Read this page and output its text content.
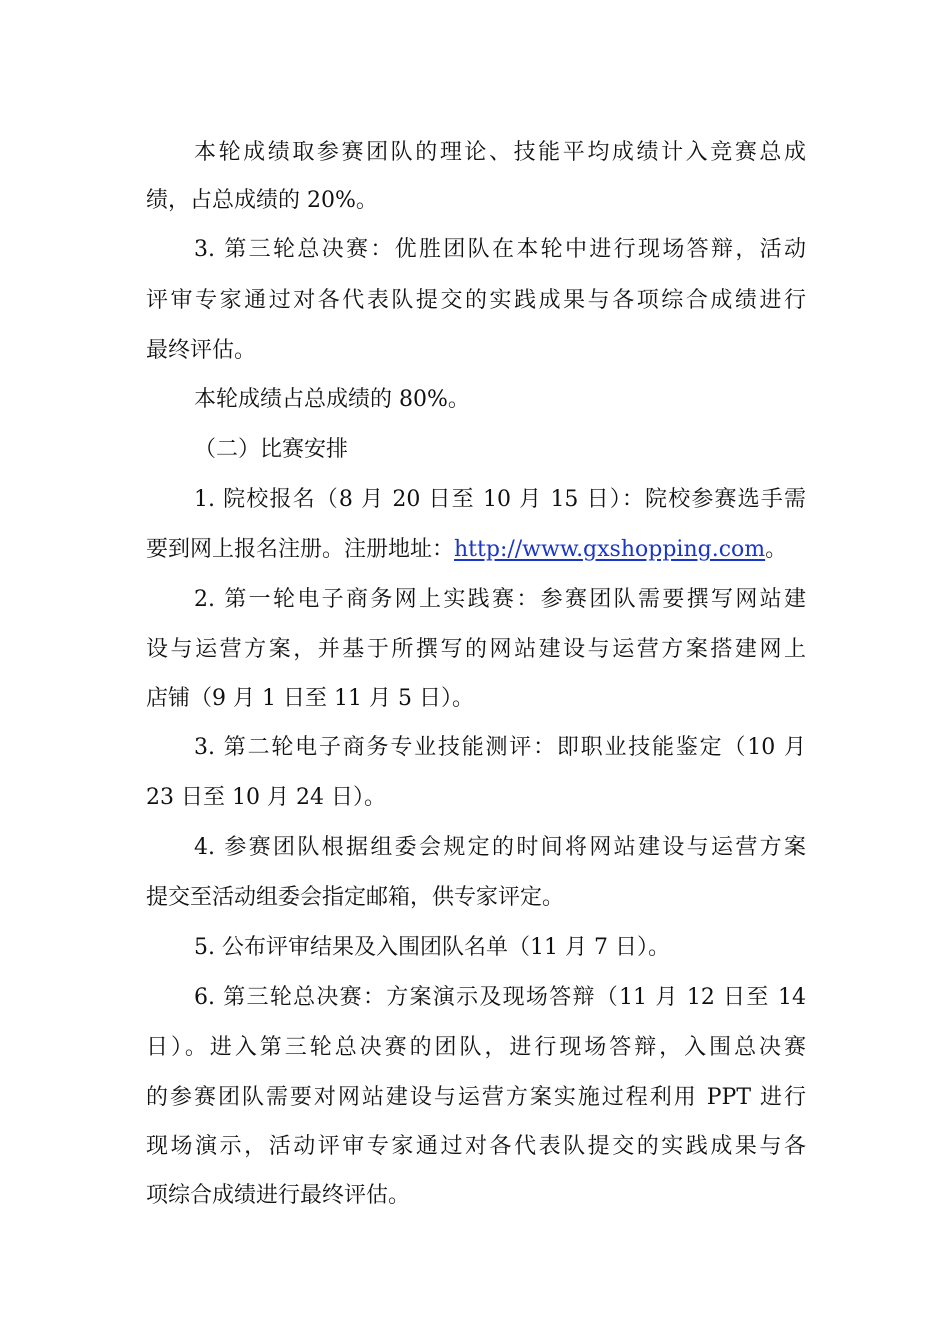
本轮成绩取参赛团队的理论、技能平均成绩计入竞赛总成
绩，占总成绩的 20%。
3. 第三轮总决赛：优胜团队在本轮中进行现场答辩，活动
评审专家通过对各代表队提交的实践成果与各项综合成绩进行
最终评估。
本轮成绩占总成绩的 80%。
（二）比赛安排
1. 院校报名（8 月 20 日至 10 月 15 日）：院校参赛选手需
要到网上报名注册。注册地址：http://www.gxshopping.com。
2. 第一轮电子商务网上实践赛：参赛团队需要撰写网站建
设与运营方案，并基于所撰写的网站建设与运营方案搭建网上
店铺（9 月 1 日至 11 月 5 日）。
3. 第二轮电子商务专业技能测评：即职业技能鉴定（10 月
23 日至 10 月 24 日）。
4. 参赛团队根据组委会规定的时间将网站建设与运营方案
提交至活动组委会指定邮箱，供专家评定。
5. 公布评审结果及入围团队名单（11 月 7 日）。
6. 第三轮总决赛：方案演示及现场答辩（11 月 12 日至 14
日）。进入第三轮总决赛的团队，进行现场答辩，入围总决赛
的参赛团队需要对网站建设与运营方案实施过程利用 PPT 进行
现场演示，活动评审专家通过对各代表队提交的实践成果与各
项综合成绩进行最终评估。
